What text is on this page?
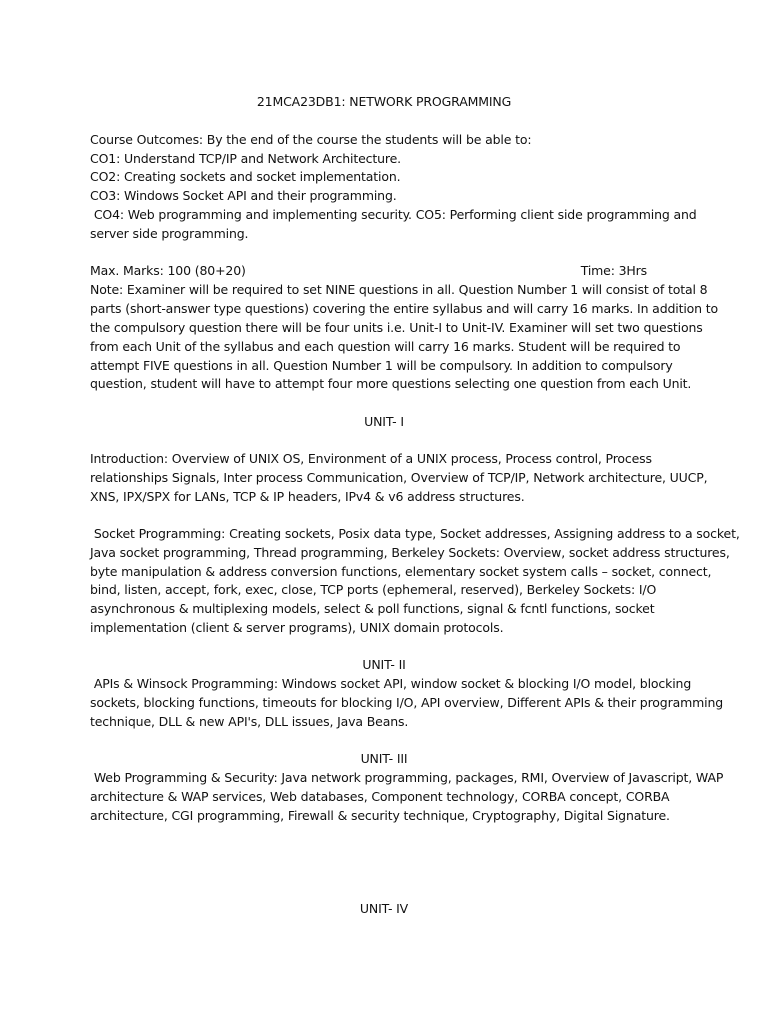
21MCA23DB1: NETWORK PROGRAMMING
Course Outcomes: By the end of the course the students will be able to:
CO1: Understand TCP/IP and Network Architecture.
CO2: Creating sockets and socket implementation.
CO3: Windows Socket API and their programming.
CO4: Web programming and implementing security. CO5: Performing client side programming and
server side programming.
Max. Marks: 100 (80+20)	Time: 3Hrs
Note: Examiner will be required to set NINE questions in all. Question Number 1 will consist of total 8
parts (short-answer type questions) covering the entire syllabus and will carry 16 marks. In addition to
the compulsory question there will be four units i.e. Unit-I to Unit-IV. Examiner will set two questions
from each Unit of the syllabus and each question will carry 16 marks. Student will be required to
attempt FIVE questions in all. Question Number 1 will be compulsory. In addition to compulsory
question, student will have to attempt four more questions selecting one question from each Unit.
UNIT- I
Introduction: Overview of UNIX OS, Environment of a UNIX process, Process control, Process
relationships Signals, Inter process Communication, Overview of TCP/IP, Network architecture, UUCP,
XNS, IPX/SPX for LANs, TCP & IP headers, IPv4 & v6 address structures.
Socket Programming: Creating sockets, Posix data type, Socket addresses, Assigning address to a socket,
Java socket programming, Thread programming, Berkeley Sockets: Overview, socket address structures,
byte manipulation & address conversion functions, elementary socket system calls – socket, connect,
bind, listen, accept, fork, exec, close, TCP ports (ephemeral, reserved), Berkeley Sockets: I/O
asynchronous & multiplexing models, select & poll functions, signal & fcntl functions, socket
implementation (client & server programs), UNIX domain protocols.
UNIT- II
APIs & Winsock Programming: Windows socket API, window socket & blocking I/O model, blocking
sockets, blocking functions, timeouts for blocking I/O, API overview, Different APIs & their programming
technique, DLL & new API's, DLL issues, Java Beans.
UNIT- III
Web Programming & Security: Java network programming, packages, RMI, Overview of Javascript, WAP
architecture & WAP services, Web databases, Component technology, CORBA concept, CORBA
architecture, CGI programming, Firewall & security technique, Cryptography, Digital Signature.
UNIT- IV
